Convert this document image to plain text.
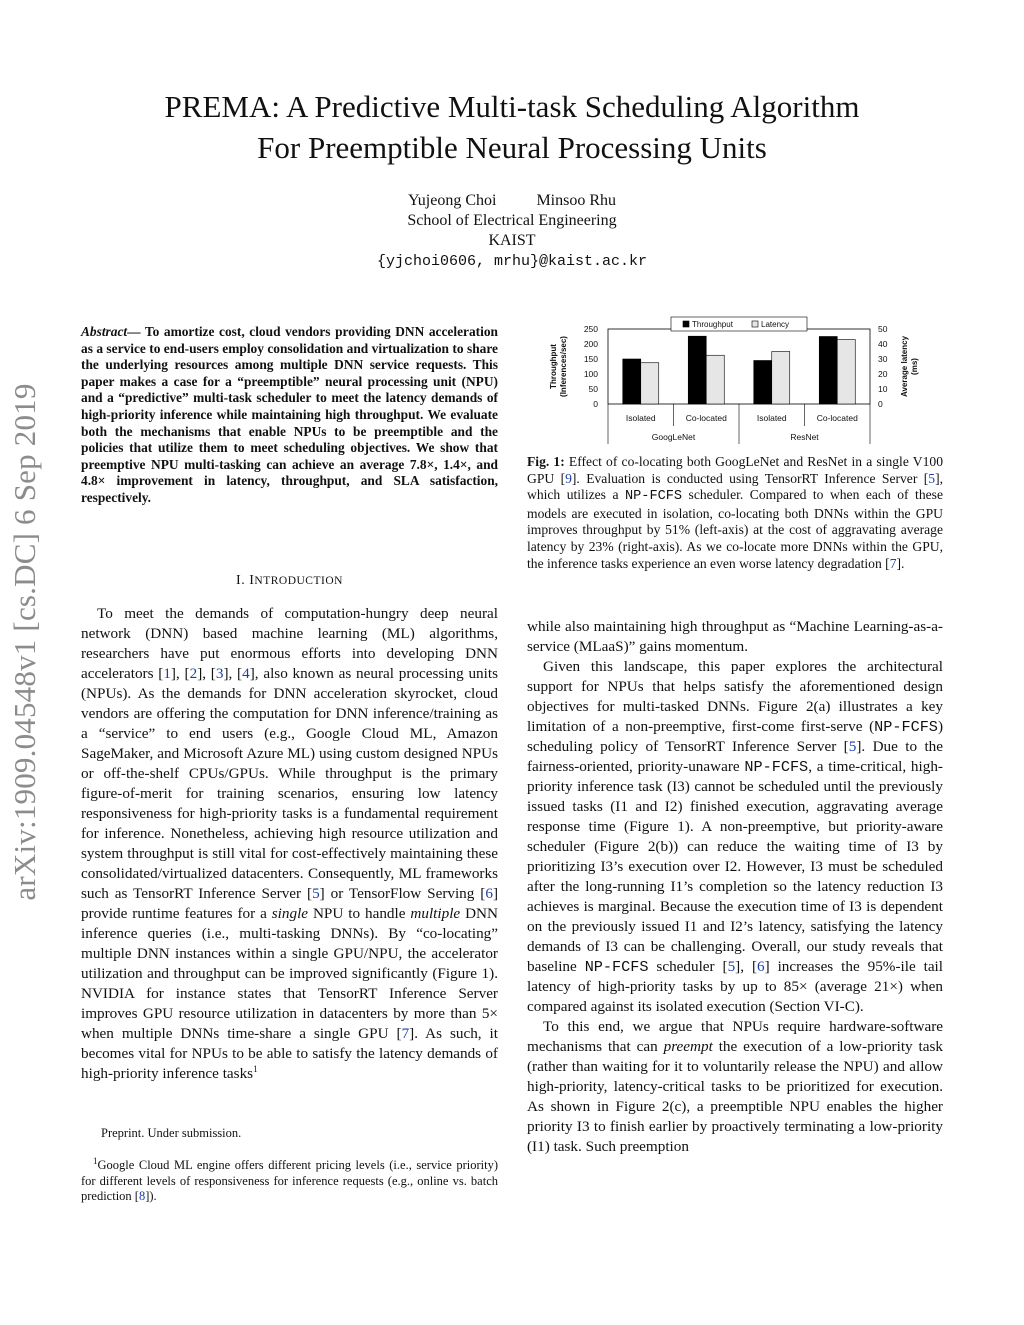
arXiv:1909.04548v1 [cs.DC] 6 Sep 2019
PREMA: A Predictive Multi-task Scheduling Algorithm
For Preemptible Neural Processing Units
Yujeong Choi	Minsoo Rhu
School of Electrical Engineering
KAIST
{yjchoi0606, mrhu}@kaist.ac.kr
Abstract— To amortize cost, cloud vendors providing DNN acceleration as a service to end-users employ consolidation and virtualization to share the underlying resources among multiple DNN service requests. This paper makes a case for a “preemptible” neural processing unit (NPU) and a “predictive” multi-task scheduler to meet the latency demands of high-priority inference while maintaining high throughput. We evaluate both the mechanisms that enable NPUs to be preemptible and the policies that utilize them to meet scheduling objectives. We show that preemptive NPU multi-tasking can achieve an average 7.8×, 1.4×, and 4.8× improvement in latency, throughput, and SLA satisfaction, respectively.
I. INTRODUCTION

To meet the demands of computation-hungry deep neural network (DNN) based machine learning (ML) algorithms, researchers have put enormous efforts into developing DNN accelerators [1], [2], [3], [4], also known as neural processing units (NPUs). As the demands for DNN acceleration skyrocket, cloud vendors are offering the computation for DNN inference/training as a “service” to end users (e.g., Google Cloud ML, Amazon SageMaker, and Microsoft Azure ML) using custom designed NPUs or off-the-shelf CPUs/GPUs. While throughput is the primary figure-of-merit for training scenarios, ensuring low latency responsiveness for high-priority tasks is a fundamental requirement for inference. Nonetheless, achieving high resource utilization and system throughput is still vital for cost-effectively maintaining these consolidated/virtualized datacenters. Consequently, ML frameworks such as TensorRT Inference Server [5] or TensorFlow Serving [6] provide runtime features for a single NPU to handle multiple DNN inference queries (i.e., multi-tasking DNNs). By “co-locating” multiple DNN instances within a single GPU/NPU, the accelerator utilization and throughput can be improved significantly (Figure 1). NVIDIA for instance states that TensorRT Inference Server improves GPU resource utilization in datacenters by more than 5× when multiple DNNs time-share a single GPU [7]. As such, it becomes vital for NPUs to be able to satisfy the latency demands of high-priority inference tasks$^1$

Preprint. Under submission.
$^1$Google Cloud ML engine offers different pricing levels (i.e., service priority) for different levels of responsiveness for inference requests (e.g., online vs. batch prediction [8]).
0
50
100
150
200
250
0
10
20
30
40
50
Throughput (Inferences/sec)	Average latency (ms)
Isolated	Co-located	Isolated	Co-located
GoogLeNet	ResNet
Throughput	Latency
Fig. 1: Effect of co-locating both GoogLeNet and ResNet in a single V100 GPU [9]. Evaluation is conducted using TensorRT Inference Server [5], which utilizes a NP-FCFS scheduler. Compared to when each of these models are executed in isolation, co-locating both DNNs within the GPU improves throughput by 51% (left-axis) at the cost of aggravating average latency by 23% (right-axis). As we co-locate more DNNs within the GPU, the inference tasks experience an even worse latency degradation [7].

while also maintaining high throughput as “Machine Learning-as-a-service (MLaaS)” gains momentum.

Given this landscape, this paper explores the architectural support for NPUs that helps satisfy the aforementioned design objectives for multi-tasked DNNs. Figure 2(a) illustrates a key limitation of a non-preemptive, first-come first-serve (NP-FCFS) scheduling policy of TensorRT Inference Server [5]. Due to the fairness-oriented, priority-unaware NP-FCFS, a time-critical, high-priority inference task (I3) cannot be scheduled until the previously issued tasks (I1 and I2) finished execution, aggravating average response time (Figure 1). A non-preemptive, but priority-aware scheduler (Figure 2(b)) can reduce the waiting time of I3 by prioritizing I3’s execution over I2. However, I3 must be scheduled after the long-running I1’s completion so the latency reduction I3 achieves is marginal. Because the execution time of I3 is dependent on the previously issued I1 and I2’s latency, satisfying the latency demands of I3 can be challenging. Overall, our study reveals that baseline NP-FCFS scheduler [5], [6] increases the 95%-ile tail latency of high-priority tasks by up to 85× (average 21×) when compared against its isolated execution (Section VI-C).

To this end, we argue that NPUs require hardware-software mechanisms that can preempt the execution of a low-priority task (rather than waiting for it to voluntarily release the NPU) and allow high-priority, latency-critical tasks to be prioritized for execution. As shown in Figure 2(c), a preemptible NPU enables the higher priority I3 to finish earlier by proactively terminating a low-priority (I1) task. Such preemption
